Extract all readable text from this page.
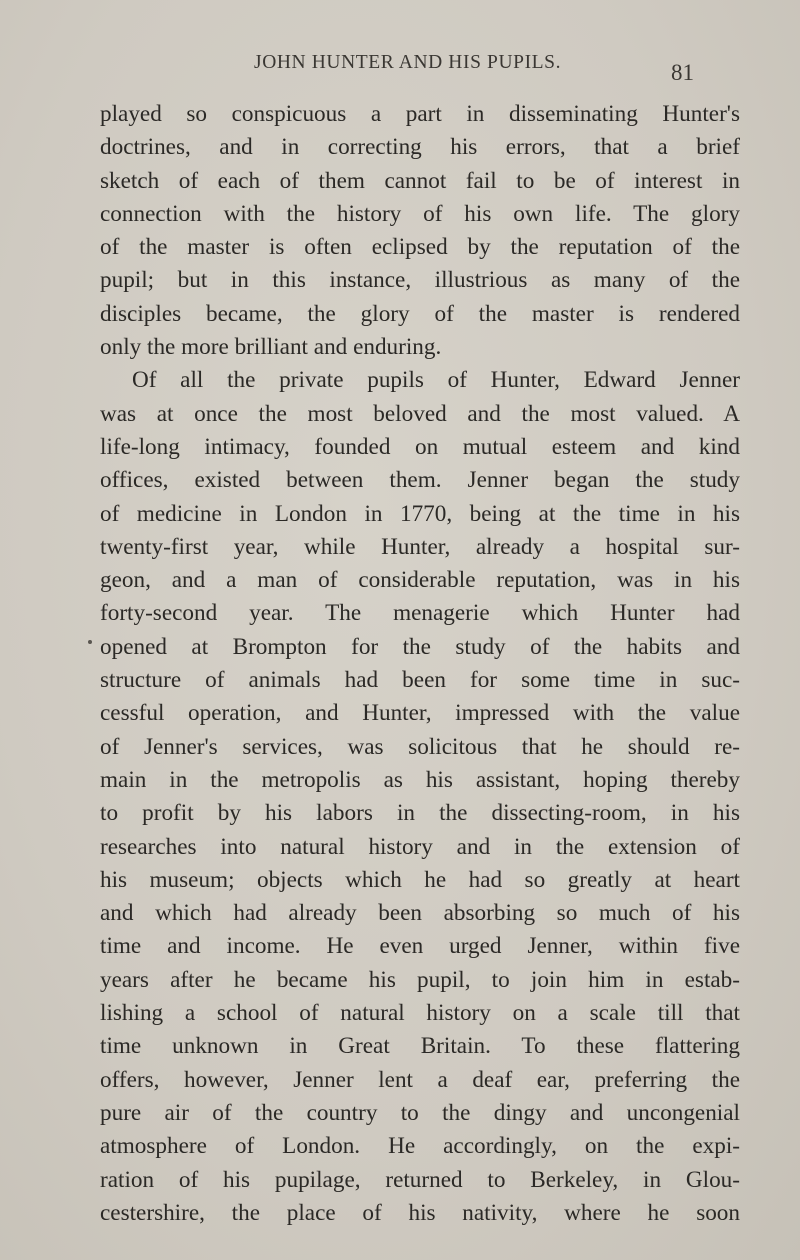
JOHN HUNTER AND HIS PUPILS.	81
played so conspicuous a part in disseminating Hunter's
doctrines, and in correcting his errors, that a brief
sketch of each of them cannot fail to be of interest in
connection with the history of his own life. The glory
of the master is often eclipsed by the reputation of the
pupil; but in this instance, illustrious as many of the
disciples became, the glory of the master is rendered
only the more brilliant and enduring.
Of all the private pupils of Hunter, Edward Jenner
was at once the most beloved and the most valued. A
life-long intimacy, founded on mutual esteem and kind
offices, existed between them. Jenner began the study
of medicine in London in 1770, being at the time in his
twenty-first year, while Hunter, already a hospital sur-
geon, and a man of considerable reputation, was in his
forty-second year. The menagerie which Hunter had
opened at Brompton for the study of the habits and
structure of animals had been for some time in suc-
cessful operation, and Hunter, impressed with the value
of Jenner's services, was solicitous that he should re-
main in the metropolis as his assistant, hoping thereby
to profit by his labors in the dissecting-room, in his
researches into natural history and in the extension of
his museum; objects which he had so greatly at heart
and which had already been absorbing so much of his
time and income. He even urged Jenner, within five
years after he became his pupil, to join him in estab-
lishing a school of natural history on a scale till that
time unknown in Great Britain. To these flattering
offers, however, Jenner lent a deaf ear, preferring the
pure air of the country to the dingy and uncongenial
atmosphere of London. He accordingly, on the expi-
ration of his pupilage, returned to Berkeley, in Glou-
cestershire, the place of his nativity, where he soon
